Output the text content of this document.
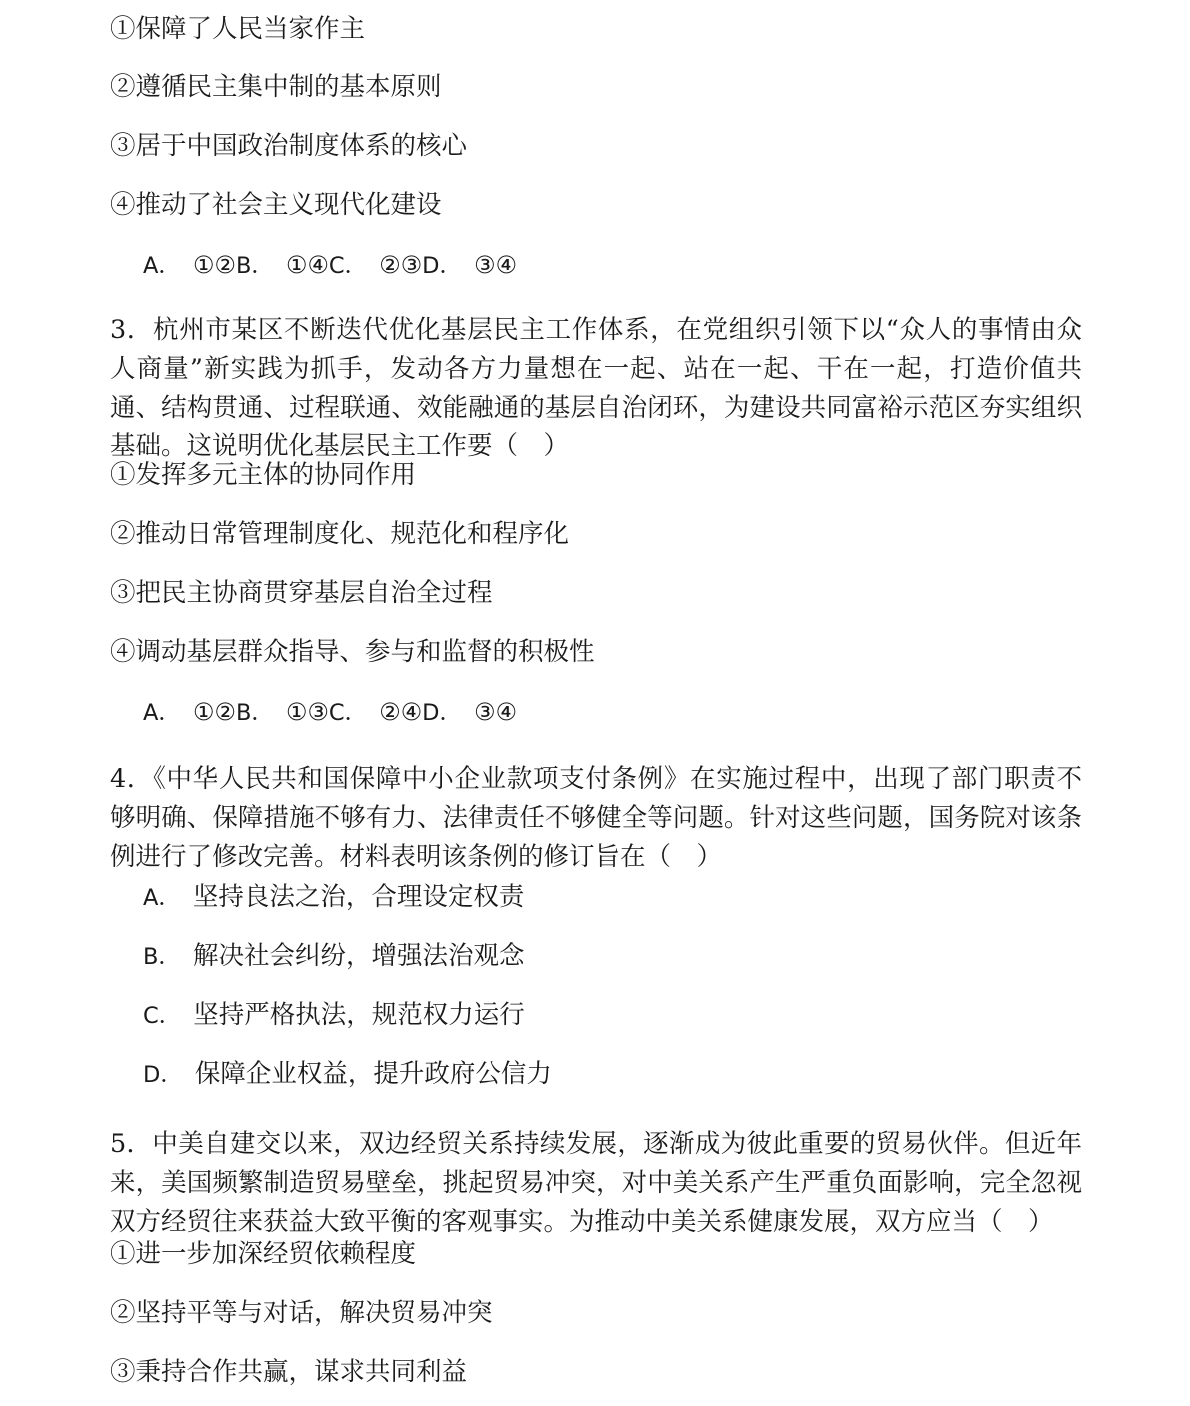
①保障了人民当家作主

②遵循民主集中制的基本原则

③居于中国政治制度体系的核心

④推动了社会主义现代化建设

A． ①②B． ①④C． ②③D． ③④

3．杭州市某区不断迭代优化基层民主工作体系，在党组织引领下以“众人的事情由众人商量”新实践为抓手，发动各方力量想在一起、站在一起、干在一起，打造价值共通、结构贯通、过程联通、效能融通的基层自治闭环，为建设共同富裕示范区夯实组织基础。这说明优化基层民主工作要（　）

①发挥多元主体的协同作用

②推动日常管理制度化、规范化和程序化

③把民主协商贯穿基层自治全过程

④调动基层群众指导、参与和监督的积极性

A． ①②B． ①③C． ②④D． ③④

4．《中华人民共和国保障中小企业款项支付条例》在实施过程中，出现了部门职责不够明确、保障措施不够有力、法律责任不够健全等问题。针对这些问题，国务院对该条例进行了修改完善。材料表明该条例的修订旨在（　）

A． 坚持良法之治，合理设定权责

B． 解决社会纠纷，增强法治观念

C． 坚持严格执法，规范权力运行

D． 保障企业权益，提升政府公信力

5．中美自建交以来，双边经贸关系持续发展，逐渐成为彼此重要的贸易伙伴。但近年来，美国频繁制造贸易壁垒，挑起贸易冲突，对中美关系产生严重负面影响，完全忽视双方经贸往来获益大致平衡的客观事实。为推动中美关系健康发展，双方应当（　）

①进一步加深经贸依赖程度

②坚持平等与对话，解决贸易冲突

③秉持合作共赢，谋求共同利益
